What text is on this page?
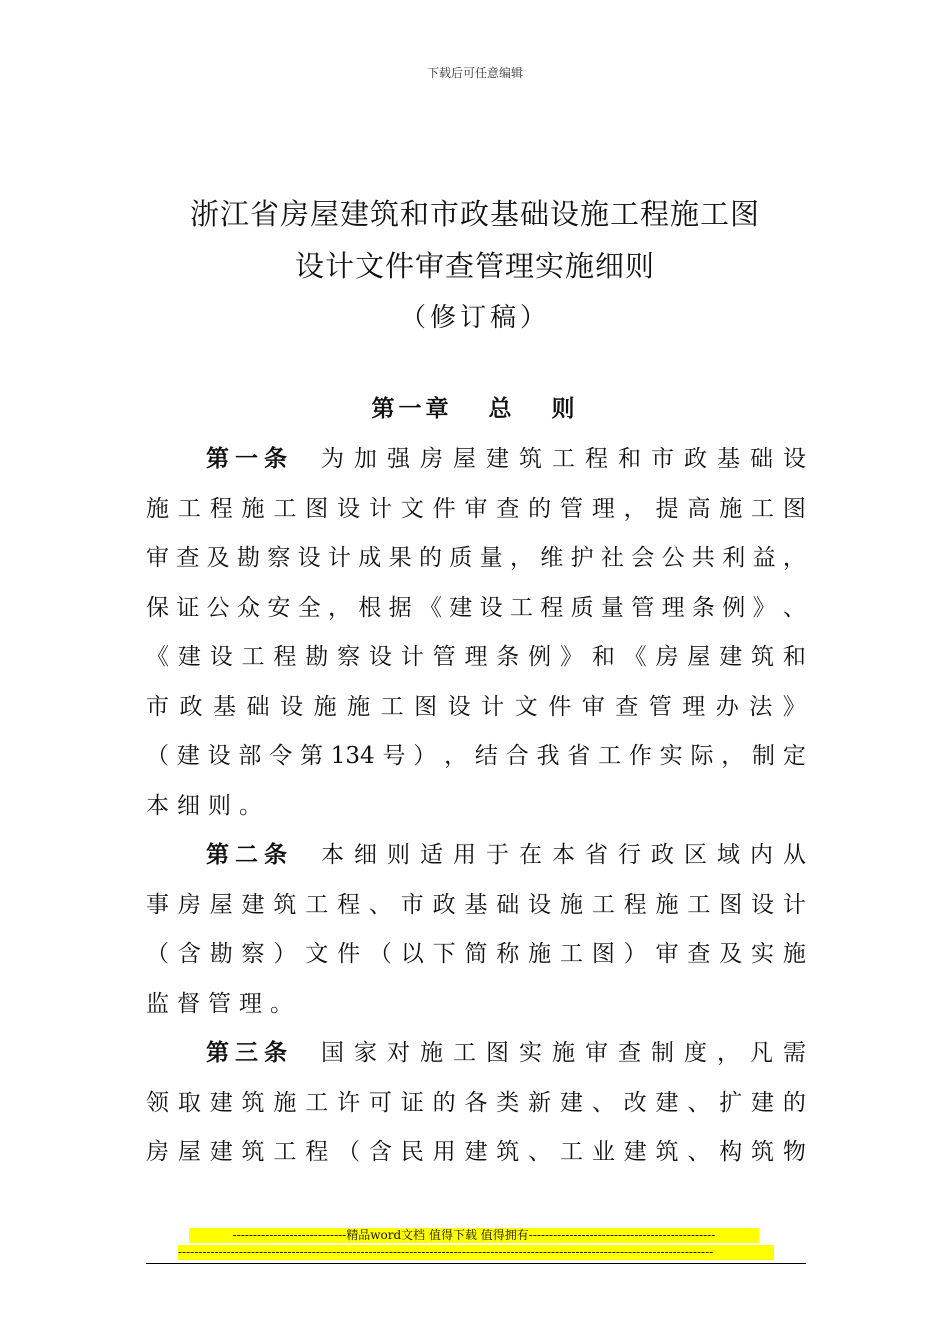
下载后可任意编辑
浙江省房屋建筑和市政基础设施工程施工图
设计文件审查管理实施细则
（修订稿）
第一章 总 则
第一条 为 加 强 房 屋 建 筑 工 程 和 市 政 基 础 设
施 工 程 施 工 图 设 计 文 件 审 查 的 管 理 ， 提 高 施 工 图
审 查 及 勘 察 设 计 成 果 的 质 量 ， 维 护 社 会 公 共 利 益 ，
保 证 公 众 安 全 ， 根 据 《 建 设 工 程 质 量 管 理 条 例 》 、
《 建 设 工 程 勘 察 设 计 管 理 条 例 》 和 《 房 屋 建 筑 和
市 政 基 础 设 施 施 工 图 设 计 文 件 审 查 管 理 办 法 》
（ 建 设 部 令 第 134 号 ） ， 结 合 我 省 工 作 实 际 ， 制 定
本细则。
第二条 本 细 则 适 用 于 在 本 省 行 政 区 域 内 从
事 房 屋 建 筑 工 程 、 市 政 基 础 设 施 工 程 施 工 图 设 计
（ 含 勘 察 ） 文 件 （ 以 下 简 称 施 工 图 ） 审 查 及 实 施
监督管理。
第三条 国 家 对 施 工 图 实 施 审 查 制 度 ， 凡 需
领 取 建 筑 施 工 许 可 证 的 各 类 新 建 、 改 建 、 扩 建 的
房 屋 建 筑 工 程 （ 含 民 用 建 筑 、 工 业 建 筑 、 构 筑 物
----------------------------精品word文档 值得下载 值得拥有----------------------------------------------
------------------------------------------------------------------------------------------------------------------------------------
